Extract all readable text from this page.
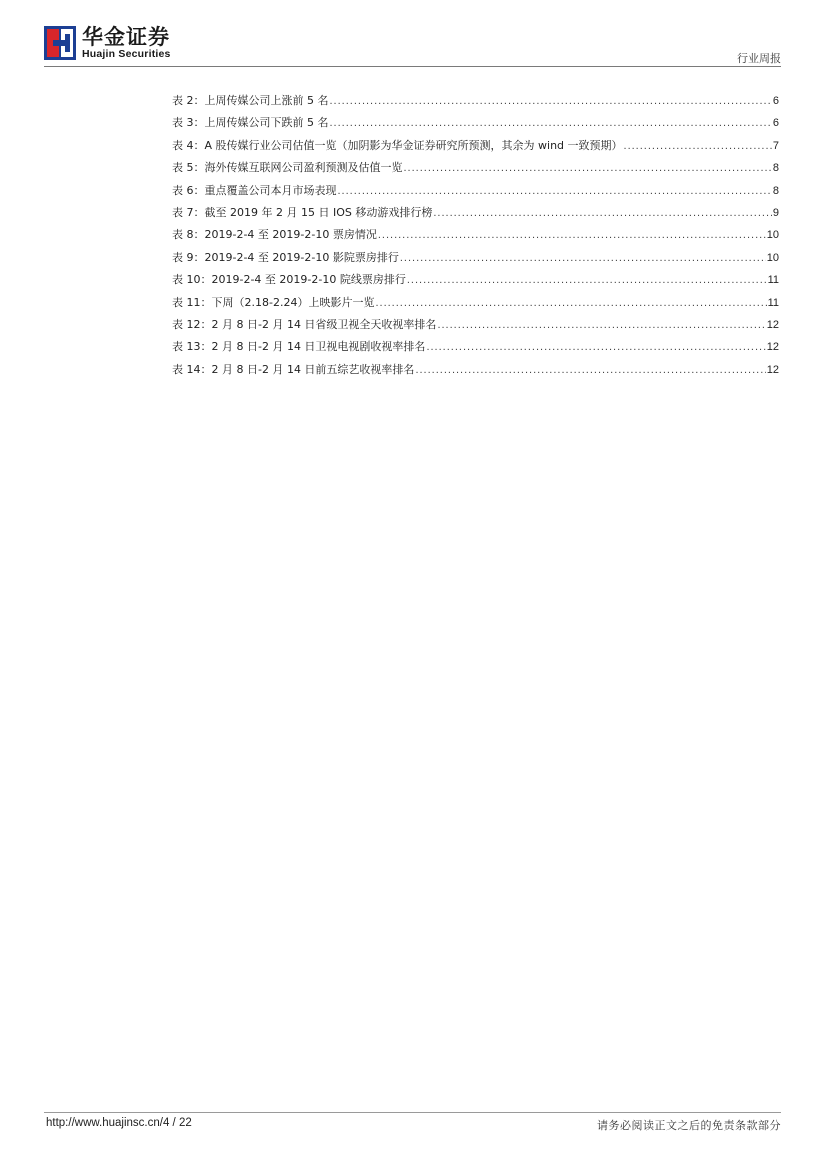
华金证券
Huajin Securities	行业周报
表 2：上周传媒公司上涨前 5 名 .....	6
表 3：上周传媒公司下跌前 5 名 .....	6
表 4：A 股传媒行业公司估值一览（加阴影为华金证券研究所预测，其余为 wind 一致预期） .....	7
表 5：海外传媒互联网公司盈利预测及估值一览 .....	8
表 6：重点覆盖公司本月市场表现 .....	8
表 7：截至 2019 年 2 月 15 日 IOS 移动游戏排行榜 .....	9
表 8：2019-2-4 至 2019-2-10 票房情况 .....	10
表 9：2019-2-4 至 2019-2-10 影院票房排行 .....	10
表 10：2019-2-4 至 2019-2-10 院线票房排行 .....	11
表 11：下周（2.18-2.24）上映影片一览 .....	11
表 12：2 月 8 日-2 月 14 日省级卫视全天收视率排名 .....	12
表 13：2 月 8 日-2 月 14 日卫视电视剧收视率排名 .....	12
表 14：2 月 8 日-2 月 14 日前五综艺收视率排名 .....	12
http://www.huajinsc.cn/4 / 22	请务必阅读正文之后的免责条款部分
